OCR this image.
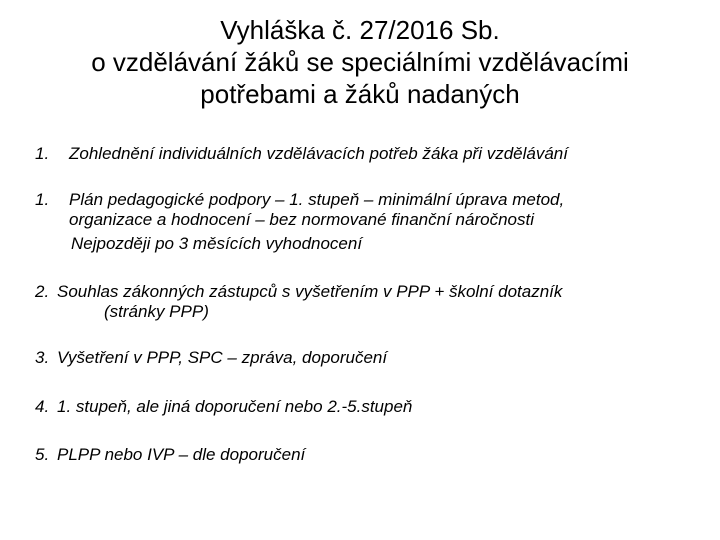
Vyhláška č. 27/2016 Sb.
o vzdělávání žáků se speciálními vzdělávacími
potřebami a žáků nadaných
1. Zohlednění individuálních vzdělávacích potřeb žáka při vzdělávání
1. Plán pedagogické podpory – 1. stupeň – minimální úprava metod,
organizace a hodnocení – bez normované finanční náročnosti
Nejpozději po 3 měsících vyhodnocení
2. Souhlas zákonných zástupců s vyšetřením v PPP + školní dotazník
(stránky PPP)
3. Vyšetření v PPP, SPC – zpráva, doporučení
4. 1. stupeň, ale jiná doporučení nebo 2.-5.stupeň
5. PLPP nebo IVP – dle doporučení
